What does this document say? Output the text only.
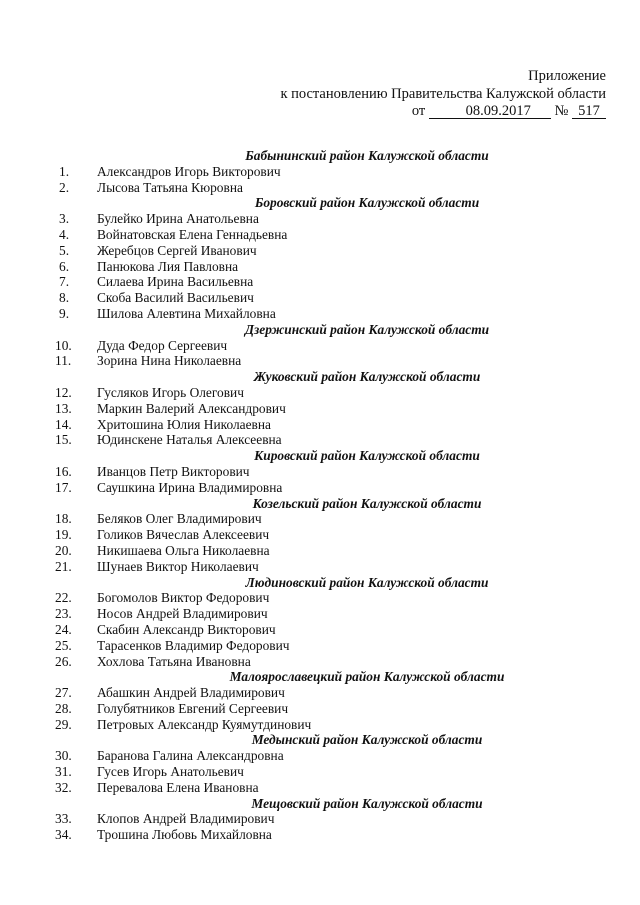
Приложение
к постановлению Правительства Калужской области
от	08.09.2017 № 517
Бабынинский район Калужской области
1.	Александров Игорь Викторович
2.	Лысова Татьяна Кюровна
Боровский район Калужской области
3.	Булейко Ирина Анатольевна
4.	Войнатовская Елена Геннадьевна
5.	Жеребцов Сергей Иванович
6.	Панюкова Лия Павловна
7.	Силаева Ирина Васильевна
8.	Скоба Василий Васильевич
9.	Шилова Алевтина Михайловна
Дзержинский район Калужской области
10.	Дуда Федор Сергеевич
11.	Зорина Нина Николаевна
Жуковский район Калужской области
12.	Гусляков Игорь Олегович
13.	Маркин Валерий Александрович
14.	Хритошина Юлия Николаевна
15.	Юдинскене Наталья Алексеевна
Кировский район Калужской области
16.	Иванцов Петр Викторович
17.	Саушкина Ирина Владимировна
Козельский район Калужской области
18.	Беляков Олег Владимирович
19.	Голиков Вячеслав Алексеевич
20.	Никишаева Ольга Николаевна
21.	Шунаев Виктор Николаевич
Людиновский район Калужской области
22.	Богомолов Виктор Федорович
23.	Носов Андрей Владимирович
24.	Скабин Александр Викторович
25.	Тарасенков Владимир Федорович
26.	Хохлова Татьяна Ивановна
Малоярославецкий район Калужской области
27.	Абашкин Андрей Владимирович
28.	Голубятников Евгений Сергеевич
29.	Петровых Александр Куямутдинович
Медынский район Калужской области
30.	Баранова Галина Александровна
31.	Гусев Игорь Анатольевич
32.	Перевалова Елена Ивановна
Мещовский район Калужской области
33.	Клопов Андрей Владимирович
34.	Трошина Любовь Михайловна
